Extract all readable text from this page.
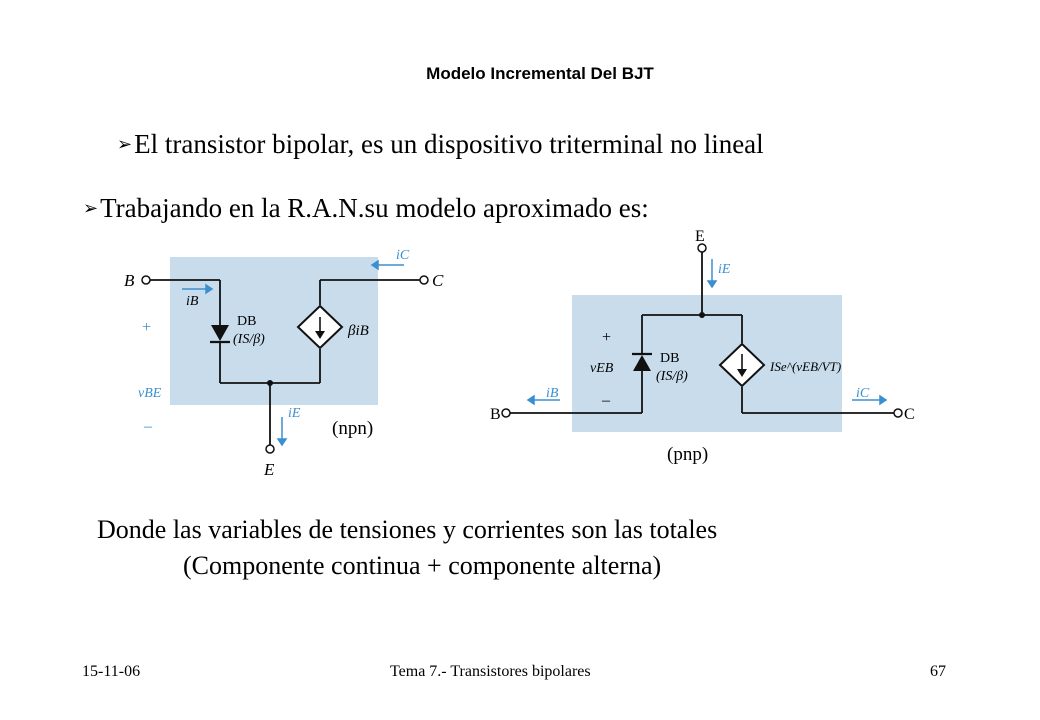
Modelo Incremental Del BJT
➢El transistor bipolar, es un dispositivo triterminal no lineal
➢Trabajando en la R.A.N.su modelo aproximado es:
B	C
E
iB
iC
iE
DB
(IS/β)
βiB
+
vBE
–	(npn)
E
B	C
iE
iB	iC
+
vEB
–
DB
(IS/β)
ISe^(vEB/VT)
(pnp)
Donde las variables de tensiones y corrientes son las totales
(Componente continua + componente alterna)
15-11-06	Tema 7.- Transistores bipolares	67
